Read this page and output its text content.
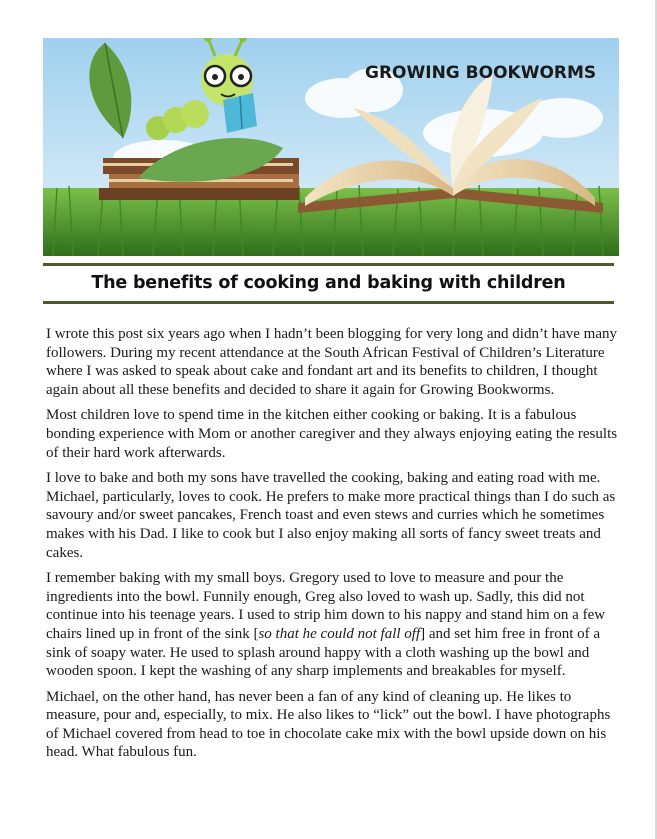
GROWING BOOKWORMS
The benefits of cooking and baking with children

I wrote this post six years ago when I hadn’t been blogging for very long and didn’t have many followers. During my recent attendance at the South African Festival of Children’s Literature where I was asked to speak about cake and fondant art and its benefits to children, I thought again about all these benefits and decided to share it again for Growing Bookworms.

Most children love to spend time in the kitchen either cooking or baking. It is a fabulous bonding experience with Mom or another caregiver and they always enjoying eating the results of their hard work afterwards.

I love to bake and both my sons have travelled the cooking, baking and eating road with me. Michael, particularly, loves to cook. He prefers to make more practical things than I do such as savoury and/or sweet pancakes, French toast and even stews and curries which he sometimes makes with his Dad. I like to cook but I also enjoy making all sorts of fancy sweet treats and cakes.

I remember baking with my small boys. Gregory used to love to measure and pour the ingredients into the bowl. Funnily enough, Greg also loved to wash up. Sadly, this did not continue into his teenage years. I used to strip him down to his nappy and stand him on a few chairs lined up in front of the sink [so that he could not fall off] and set him free in front of a sink of soapy water. He used to splash around happy with a cloth washing up the bowl and wooden spoon. I kept the washing of any sharp implements and breakables for myself.

Michael, on the other hand, has never been a fan of any kind of cleaning up. He likes to measure, pour and, especially, to mix. He also likes to “lick” out the bowl. I have photographs of Michael covered from head to toe in chocolate cake mix with the bowl upside down on his head. What fabulous fun.
